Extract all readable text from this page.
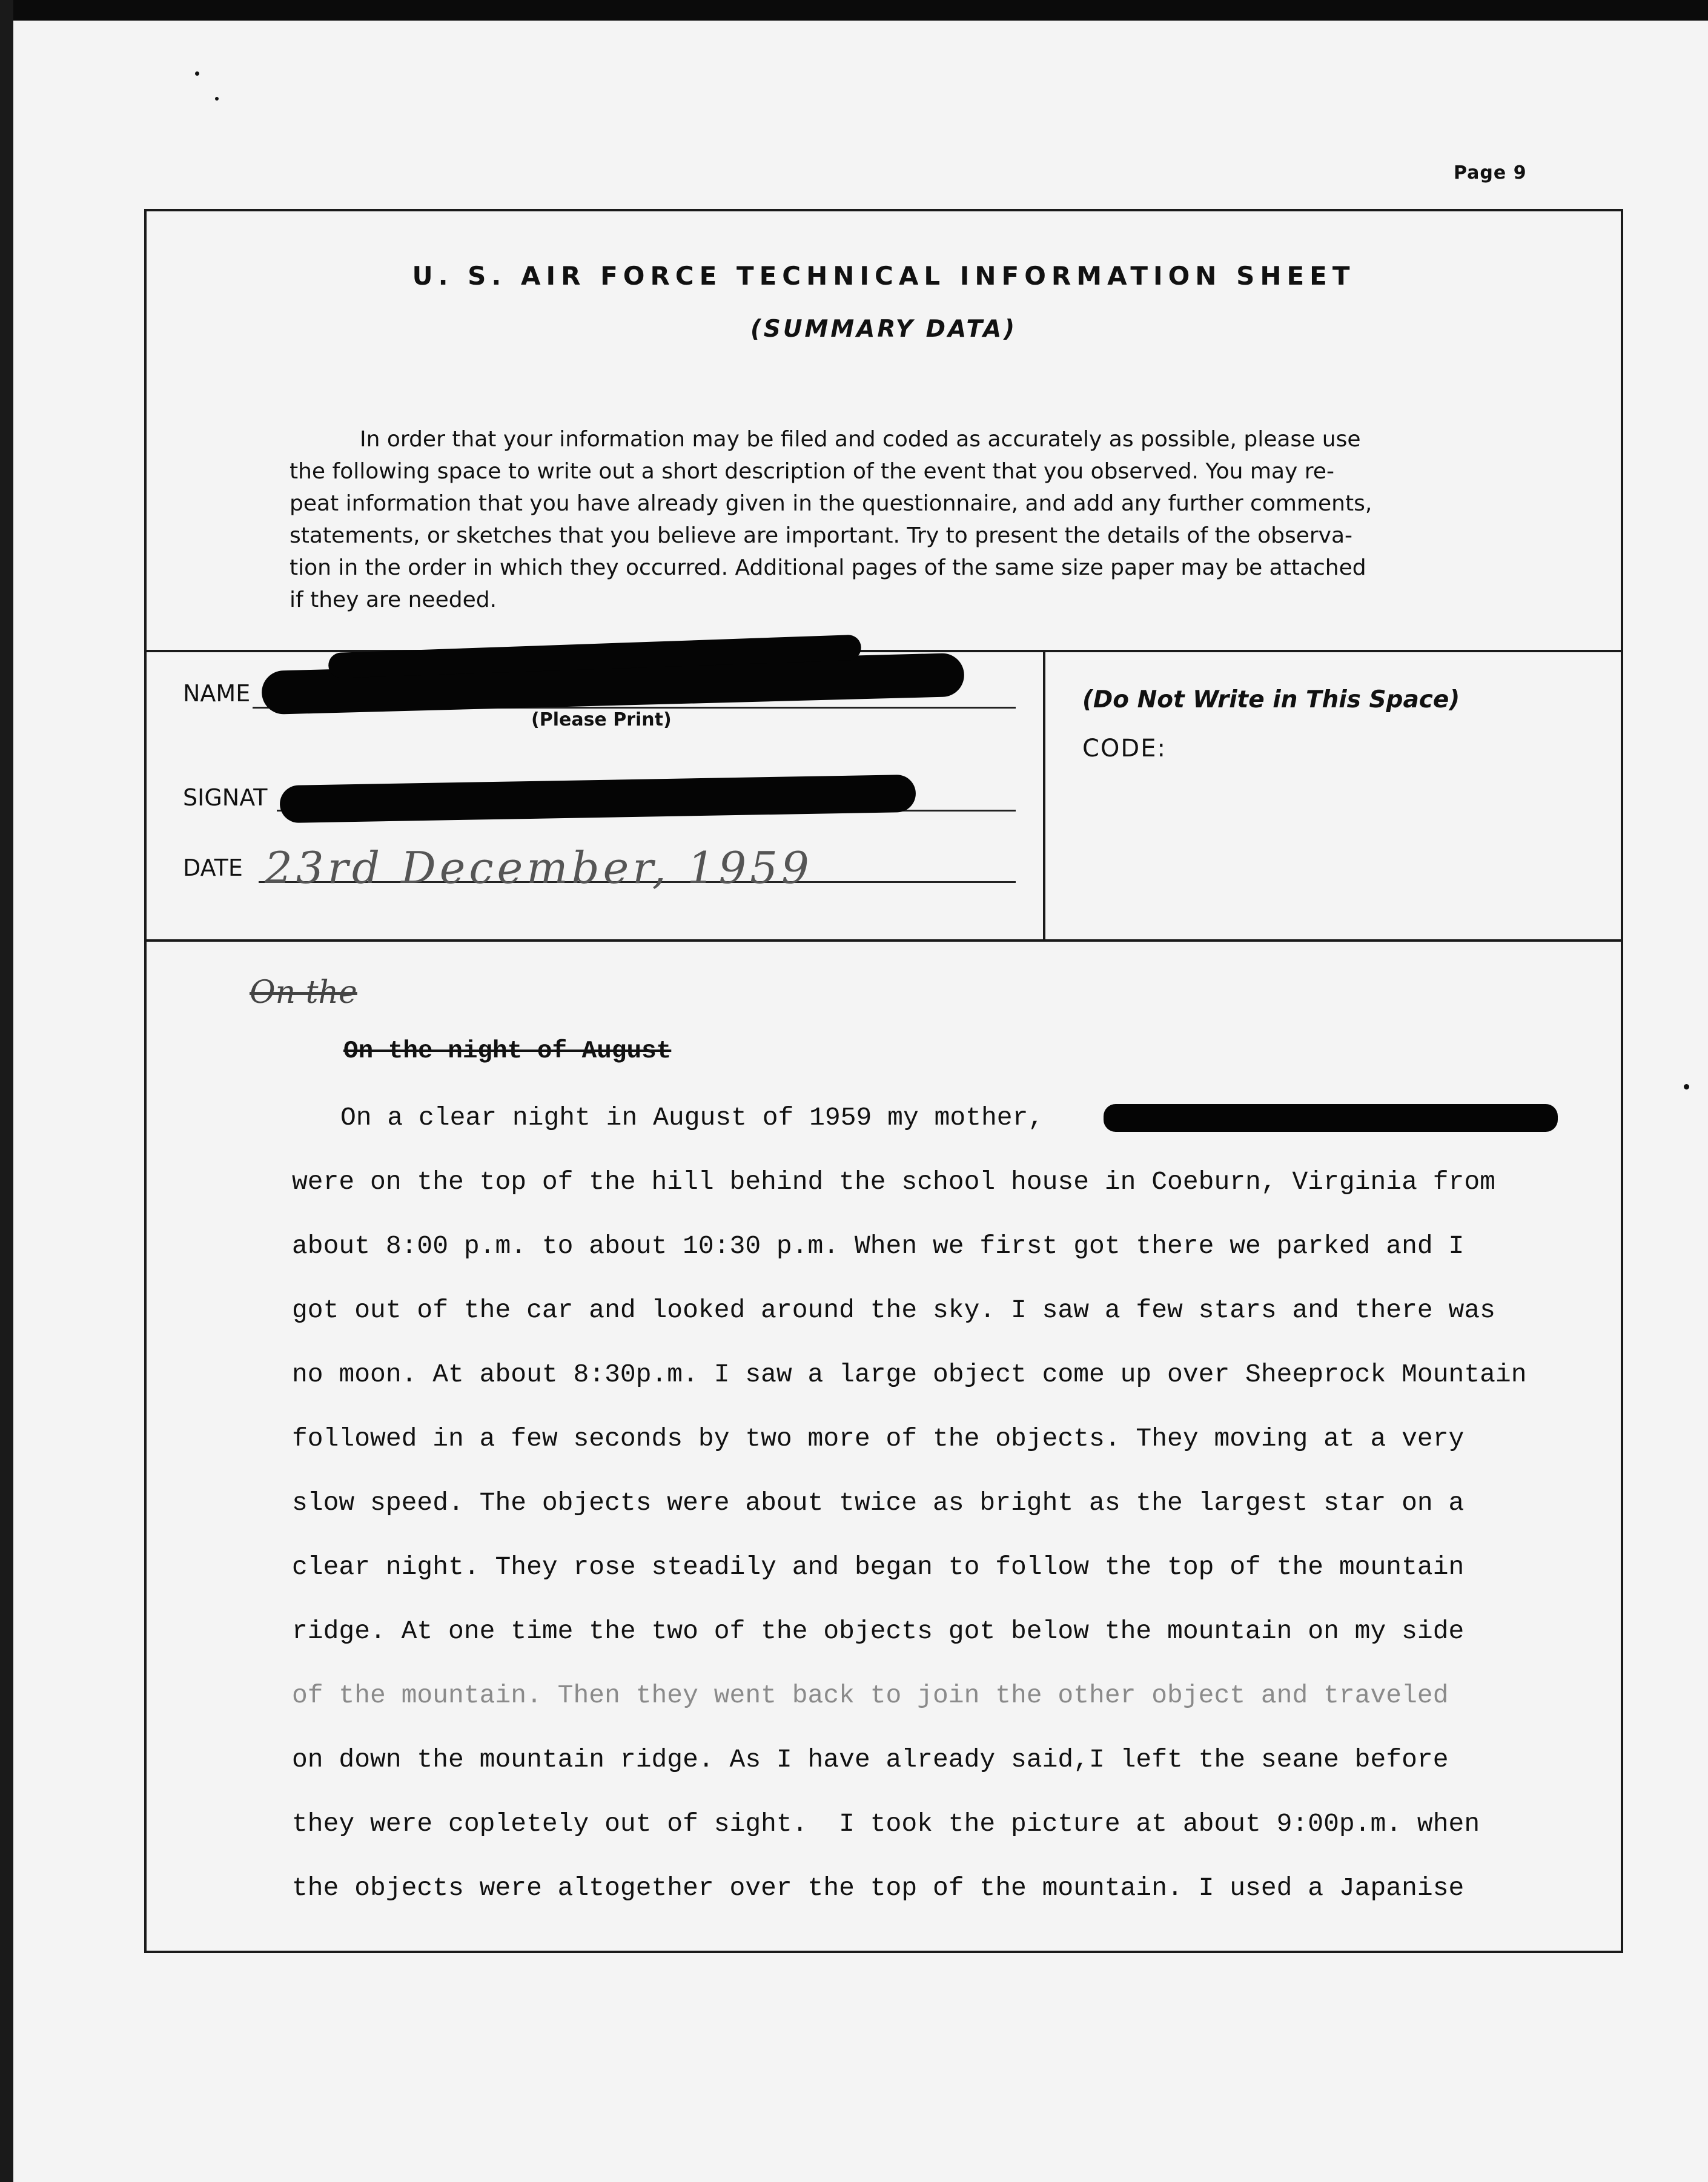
Page 9
U. S. AIR FORCE TECHNICAL INFORMATION SHEET
(SUMMARY DATA)

In order that your information may be filed and coded as accurately as possible, please use

the following space to write out a short description of the event that you observed. You may re-

peat information that you have already given in the questionnaire, and add any further comments,

statements, or sketches that you believe are important. Try to present the details of the observa-

tion in the order in which they occurred. Additional pages of the same size paper may be attached

if they are needed.

NAME
(Please Print)
SIGNAT
DATE 23rd December, 1959
(Do Not Write in This Space)
CODE:
On the
On the night of August
On a clear night in August of 1959 my mother,
were on the top of the hill behind the school house in Coeburn, Virginia from
about 8:00 p.m. to about 10:30 p.m. When we first got there we parked and I
got out of the car and looked around the sky. I saw a few stars and there was
no moon. At about 8:30p.m. I saw a large object come up over Sheeprock Mountain
followed in a few seconds by two more of the objects. They moving at a very
slow speed. The objects were about twice as bright as the largest star on a
clear night. They rose steadily and began to follow the top of the mountain
ridge. At one time the two of the objects got below the mountain on my side
of the mountain. Then they went back to join the other object and traveled
on down the mountain ridge. As I have already said,I left the seane before
they were copletely out of sight.  I took the picture at about 9:00p.m. when
the objects were altogether over the top of the mountain. I used a Japanise
